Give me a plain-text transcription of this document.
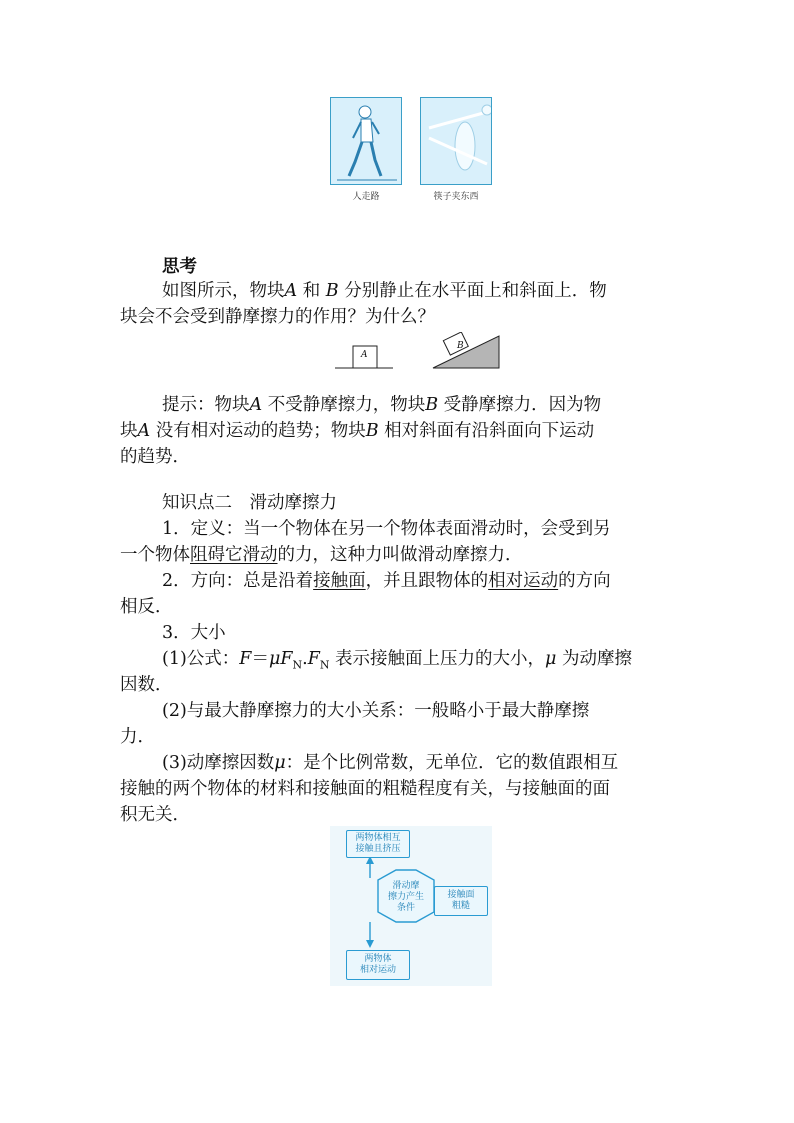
人走路	筷子夹东西
思考
如图所示，物块A 和 B 分别静止在水平面上和斜面上．物
块会不会受到静摩擦力的作用？为什么？
A
B
提示：物块A 不受静摩擦力，物块B 受静摩擦力．因为物
块A 没有相对运动的趋势；物块B 相对斜面有沿斜面向下运动
的趋势．
知识点二　滑动摩擦力
1．定义：当一个物体在另一个物体表面滑动时，会受到另
一个物体阻碍它滑动的力，这种力叫做滑动摩擦力．
2．方向：总是沿着接触面，并且跟物体的相对运动的方向
相反．
3．大小
(1)公式：$F=\mu F_N.F_N$ 表示接触面上压力的大小，μ 为动摩擦
因数．
(2)与最大静摩擦力的大小关系：一般略小于最大静摩擦
力．
(3)动摩擦因数μ：是个比例常数，无单位．它的数值跟相互
接触的两个物体的材料和接触面的粗糙程度有关，与接触面的面
积无关．
滑动摩
擦力产生
条件
两物体相互
接触且挤压
接触面
粗糙
两物体
相对运动
